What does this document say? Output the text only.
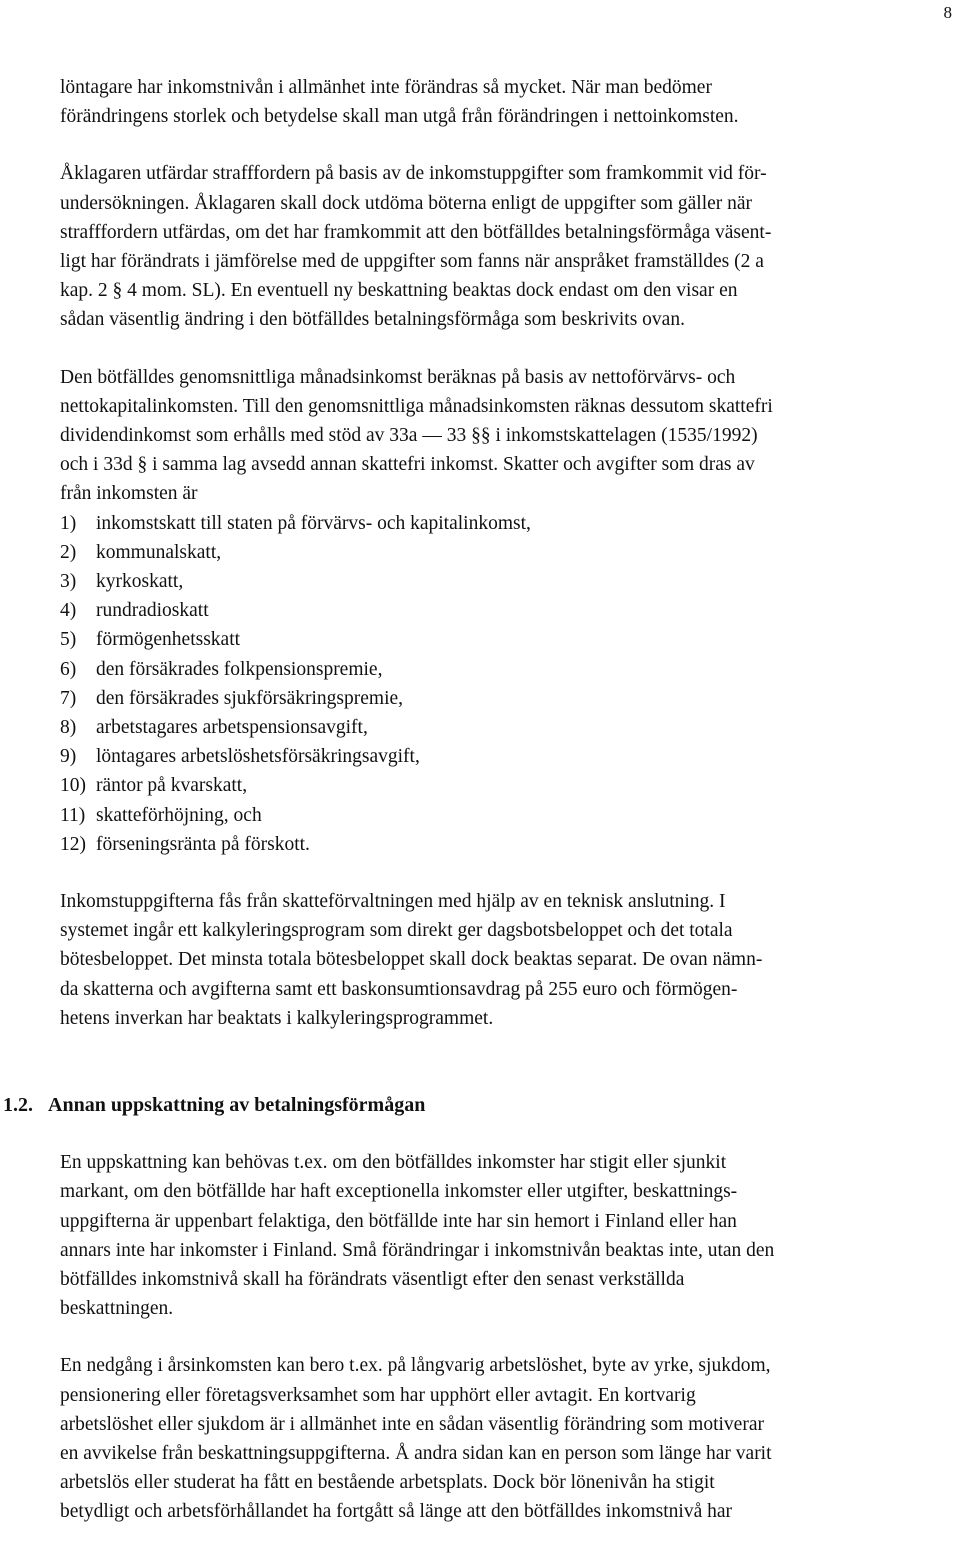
8

löntagare har inkomstnivån i allmänhet inte förändras så mycket. När man bedömer
förändringens storlek och betydelse skall man utgå från förändringen i nettoinkomsten.

Åklagaren utfärdar strafffordern på basis av de inkomstuppgifter som framkommit vid för-
undersökningen. Åklagaren skall dock utdöma böterna enligt de uppgifter som gäller när
strafffordern utfärdas, om det har framkommit att den bötfälldes betalningsförmåga väsent-
ligt har förändrats i jämförelse med de uppgifter som fanns när anspråket framställdes (2 a
kap. 2 § 4 mom. SL). En eventuell ny beskattning beaktas dock endast om den visar en
sådan väsentlig ändring i den bötfälldes betalningsförmåga som beskrivits ovan.

Den bötfälldes genomsnittliga månadsinkomst beräknas på basis av nettoförvärvs- och
nettokapitalinkomsten. Till den genomsnittliga månadsinkomsten räknas dessutom skattefri
dividendinkomst som erhålls med stöd av 33a — 33 §§ i inkomstskattelagen (1535/1992)
och i 33d § i samma lag avsedd annan skattefri inkomst. Skatter och avgifter som dras av
från inkomsten är

1)	inkomstskatt till staten på förvärvs- och kapitalinkomst,
2)	kommunalskatt,
3)	kyrkoskatt,
4)	rundradioskatt
5)	förmögenhetsskatt
6)	den försäkrades folkpensionspremie,
7)	den försäkrades sjukförsäkringspremie,
8)	arbetstagares arbetspensionsavgift,
9)	löntagares arbetslöshetsförsäkringsavgift,
10) räntor på kvarskatt,
11) skatteförhöjning, och
12) förseningsränta på förskott.

Inkomstuppgifterna fås från skatteförvaltningen med hjälp av en teknisk anslutning. I
systemet ingår ett kalkyleringsprogram som direkt ger dagsbotsbeloppet och det totala
bötesbeloppet. Det minsta totala bötesbeloppet skall dock beaktas separat. De ovan nämn-
da skatterna och avgifterna samt ett baskonsumtionsavdrag på 255 euro och förmögen-
hetens inverkan har beaktats i kalkyleringsprogrammet.

1.2. Annan uppskattning av betalningsförmågan

En uppskattning kan behövas t.ex. om den bötfälldes inkomster har stigit eller sjunkit
markant, om den bötfällde har haft exceptionella inkomster eller utgifter, beskattnings-
uppgifterna är uppenbart felaktiga, den bötfällde inte har sin hemort i Finland eller han
annars inte har inkomster i Finland. Små förändringar i inkomstnivån beaktas inte, utan den
bötfälldes inkomstnivå skall ha förändrats väsentligt efter den senast verkställda
beskattningen.

En nedgång i årsinkomsten kan bero t.ex. på långvarig arbetslöshet, byte av yrke, sjukdom,
pensionering eller företagsverksamhet som har upphört eller avtagit. En kortvarig
arbetslöshet eller sjukdom är i allmänhet inte en sådan väsentlig förändring som motiverar
en avvikelse från beskattningsuppgifterna. Å andra sidan kan en person som länge har varit
arbetslös eller studerat ha fått en bestående arbetsplats. Dock bör lönenivån ha stigit
betydligt och arbetsförhållandet ha fortgått så länge att den bötfälldes inkomstnivå har
